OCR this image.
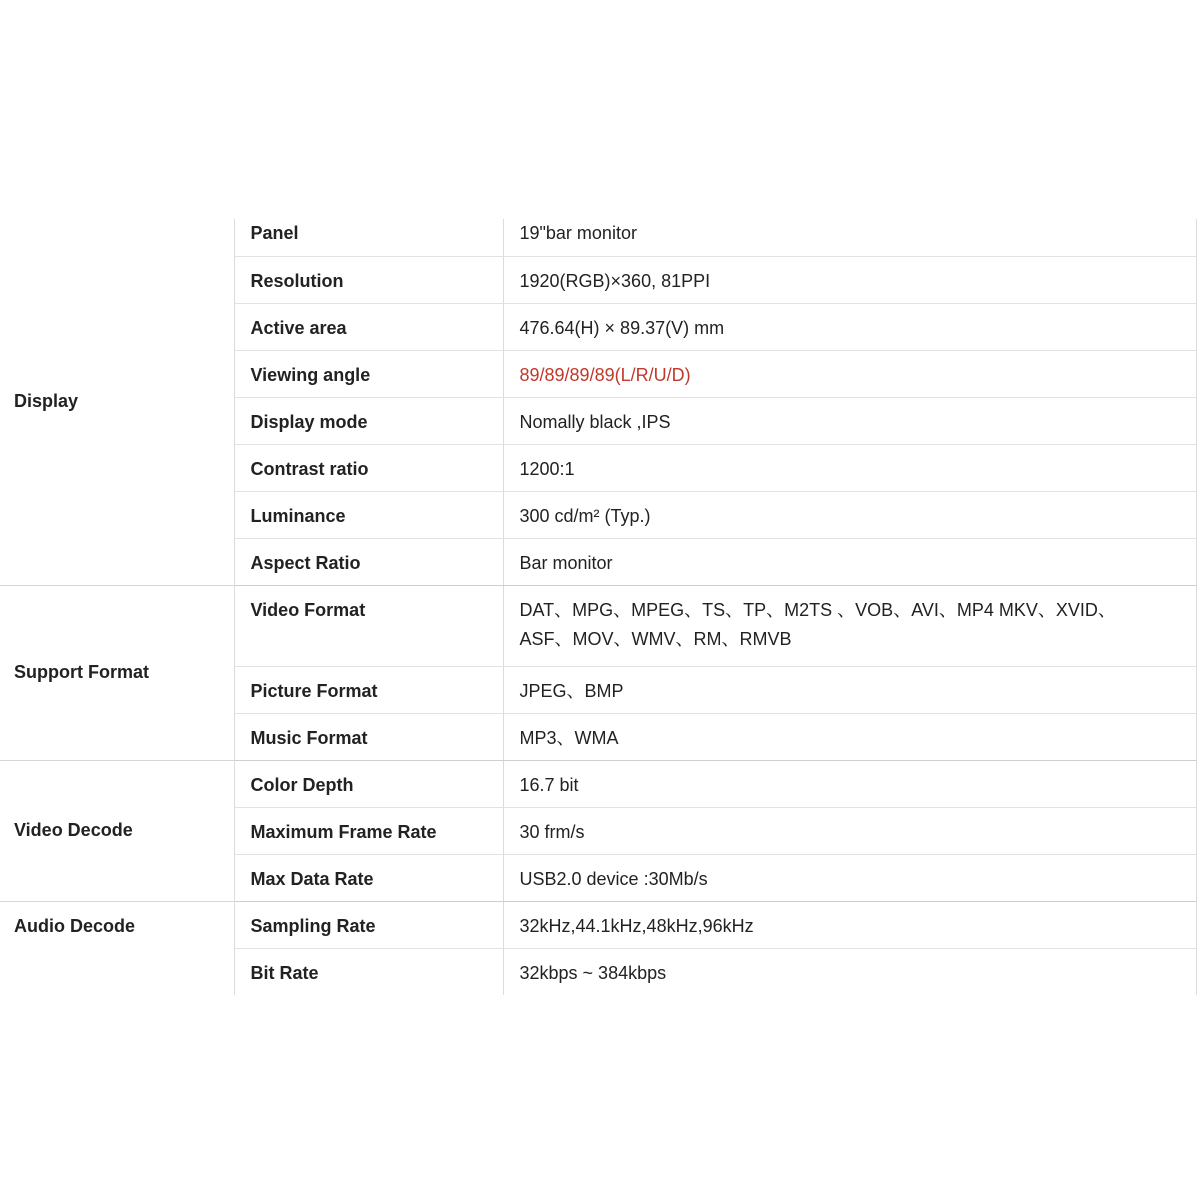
Display	Panel	19"bar monitor
	Resolution	1920(RGB)×360, 81PPI
	Active area	476.64(H) × 89.37(V) mm
	Viewing angle	89/89/89/89(L/R/U/D)
	Display mode	Nomally black ,IPS
	Contrast ratio	1200:1
	Luminance	300 cd/m² (Typ.)
	Aspect Ratio	Bar monitor
Support Format	Video Format	DAT、MPG、MPEG、TS、TP、M2TS 、VOB、AVI、MP4 MKV、XVID、
ASF、MOV、WMV、RM、RMVB

	Picture Format	JPEG、BMP
	Music Format	MP3、WMA
Video Decode	Color Depth	16.7 bit
	Maximum Frame Rate	30 frm/s
	Max Data Rate	USB2.0 device :30Mb/s
Audio Decode	Sampling Rate	32kHz,44.1kHz,48kHz,96kHz
	Bit Rate	32kbps ~ 384kbps
